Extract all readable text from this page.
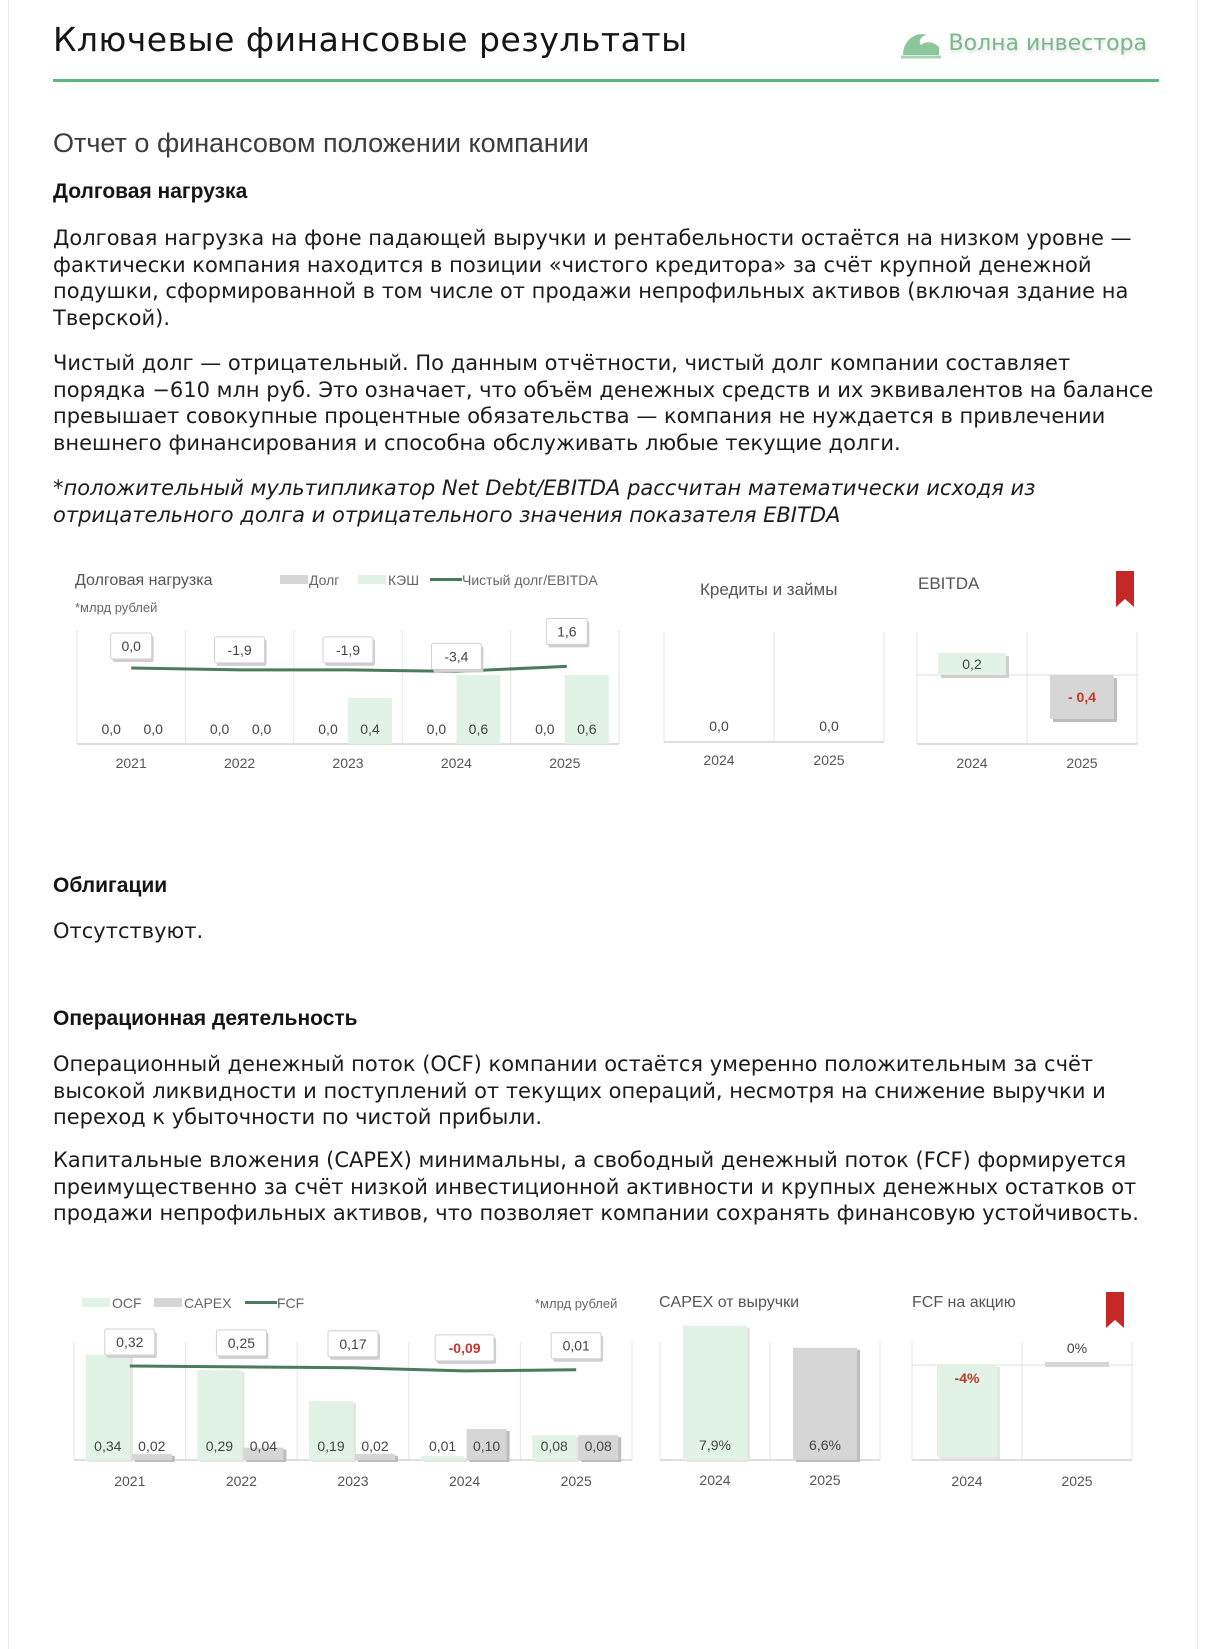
Ключевые финансовые результаты	Волна инвестора
Отчет о финансовом положении компании
Долговая нагрузка

Долговая нагрузка на фоне падающей выручки и рентабельности остаётся на низком уровне — фактически компания находится в позиции «чистого кредитора» за счёт крупной денежной подушки, сформированной в том числе от продажи непрофильных активов (включая здание на Тверской).

Чистый долг — отрицательный. По данным отчётности, чистый долг компании составляет порядка −610 млн руб. Это означает, что объём денежных средств и их эквивалентов на балансе превышает совокупные процентные обязательства — компания не нуждается в привлечении внешнего финансирования и способна обслуживать любые текущие долги.

*положительный мультипликатор Net Debt/EBITDA рассчитан математически исходя из отрицательного долга и отрицательного значения показателя EBITDA

Долговая нагрузка
*млрд рублей
Долг	КЭШ	Чистый долг/EBITDA
0,0 0,0
2021
0,0 0,0
2022
0,0 0,4
2023
0,0 0,6
2024
0,0 0,6
2025
0,0	-1,9	-1,9	-3,4
1,6
Кредиты и займы
0,0
2024
0,0
2025
EBITDA
0,2
2024
- 0,4
2025
Облигации

Отсутствуют.

Операционная деятельность

Операционный денежный поток (OCF) компании остаётся умеренно положительным за счёт высокой ликвидности и поступлений от текущих операций, несмотря на снижение выручки и переход к убыточности по чистой прибыли.

Капитальные вложения (CAPEX) минимальны, а свободный денежный поток (FCF) формируется преимущественно за счёт низкой инвестиционной активности и крупных денежных остатков от продажи непрофильных активов, что позволяет компании сохранять финансовую устойчивость.

OCF	CAPEX	FCF	*млрд рублей
0,34 0,02
2021
0,29 0,04
2022
0,19 0,02
2023
0,01 0,10
2024
0,08 0,08
2025
0,32	0,25	0,17	-0,09	0,01
CAPEX от выручки
7,9%
2024
6,6%
2025
FCF на акцию
-4%
2024
0%
2025
